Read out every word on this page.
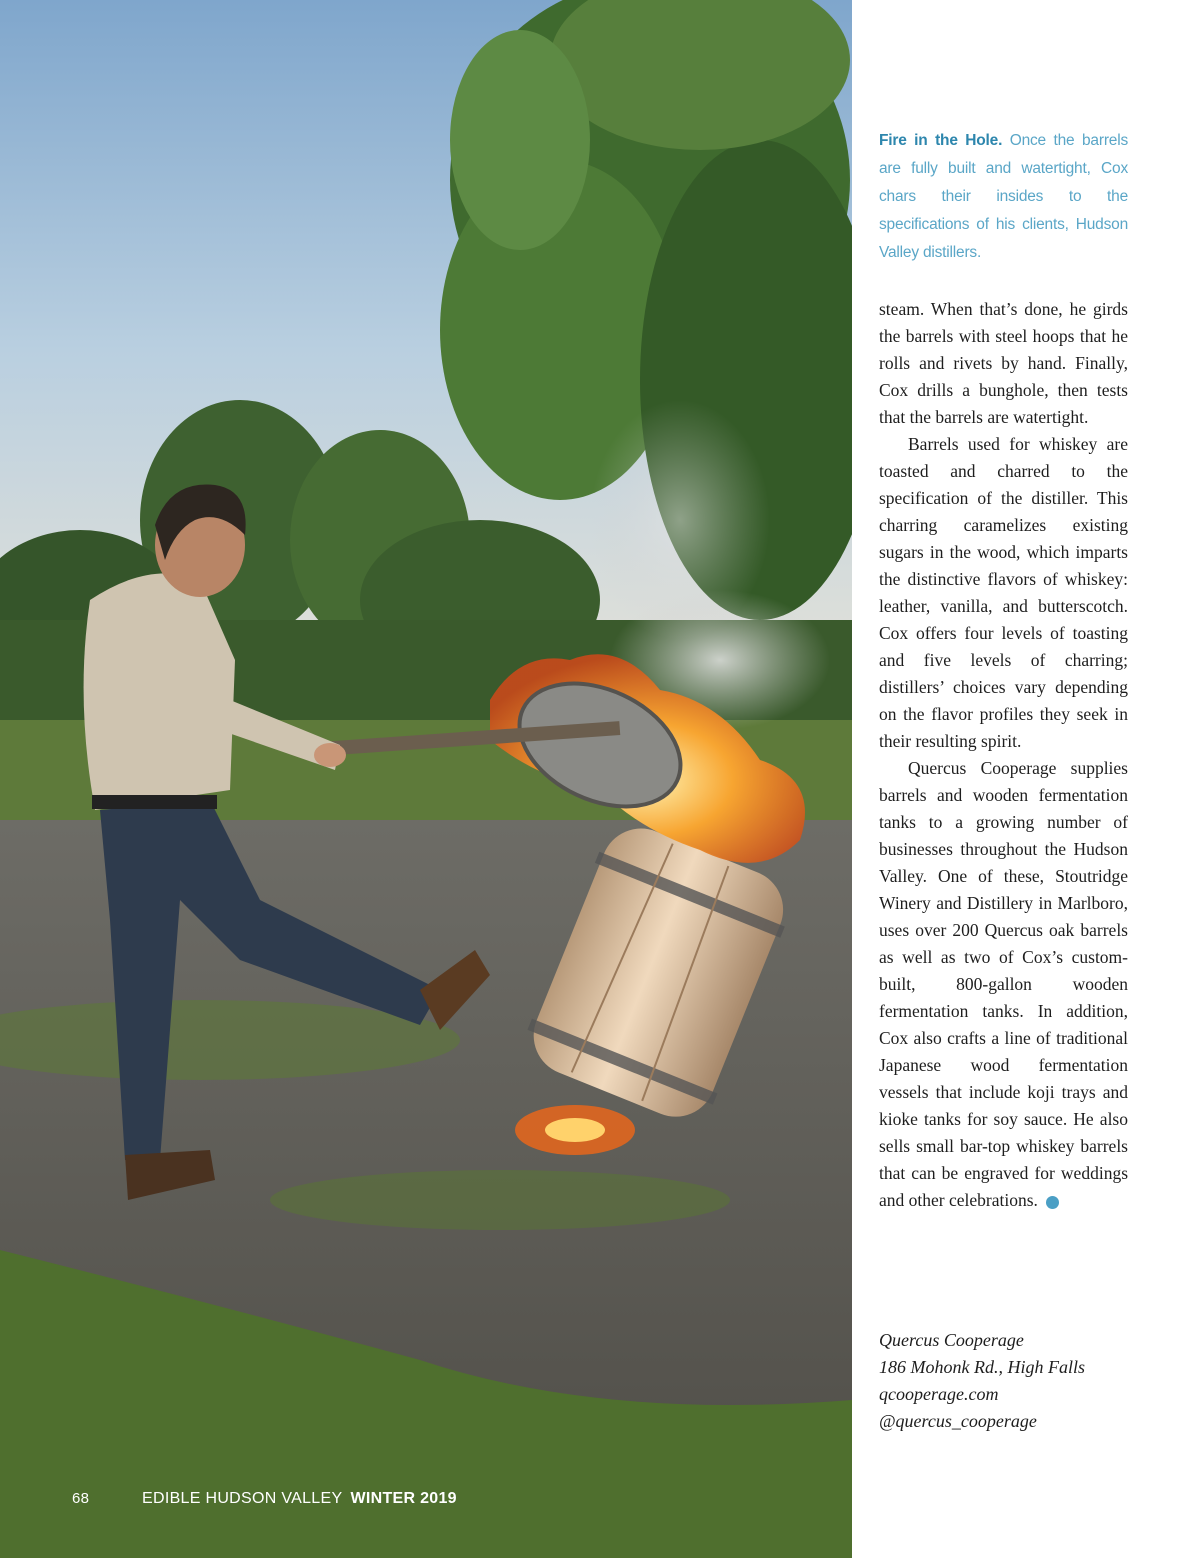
68	EDIBLE HUDSON VALLEY WINTER 2019
Fire in the Hole. Once the barrels are fully built and watertight, Cox chars their insides to the specifications of his clients, Hudson Valley distillers.

steam. When that’s done, he girds the barrels with steel hoops that he rolls and rivets by hand. Finally, Cox drills a bunghole, then tests that the barrels are watertight.

Barrels used for whiskey are toasted and charred to the specification of the distiller. This charring caramelizes existing sugars in the wood, which imparts the distinctive flavors of whiskey: leather, vanilla, and butterscotch. Cox offers four levels of toasting and five levels of charring; distillers’ choices vary depending on the flavor profiles they seek in their resulting spirit.

Quercus Cooperage supplies barrels and wooden fermentation tanks to a growing number of businesses throughout the Hudson Valley. One of these, Stoutridge Winery and Distillery in Marlboro, uses over 200 Quercus oak barrels as well as two of Cox’s custom-built, 800-gallon wooden fermentation tanks. In addition, Cox also crafts a line of traditional Japanese wood fermentation vessels that include koji trays and kioke tanks for soy sauce. He also sells small bar-top whiskey barrels that can be engraved for weddings and other celebrations.	e

Quercus Cooperage
186 Mohonk Rd., High Falls
qcooperage.com
@quercus_cooperage
